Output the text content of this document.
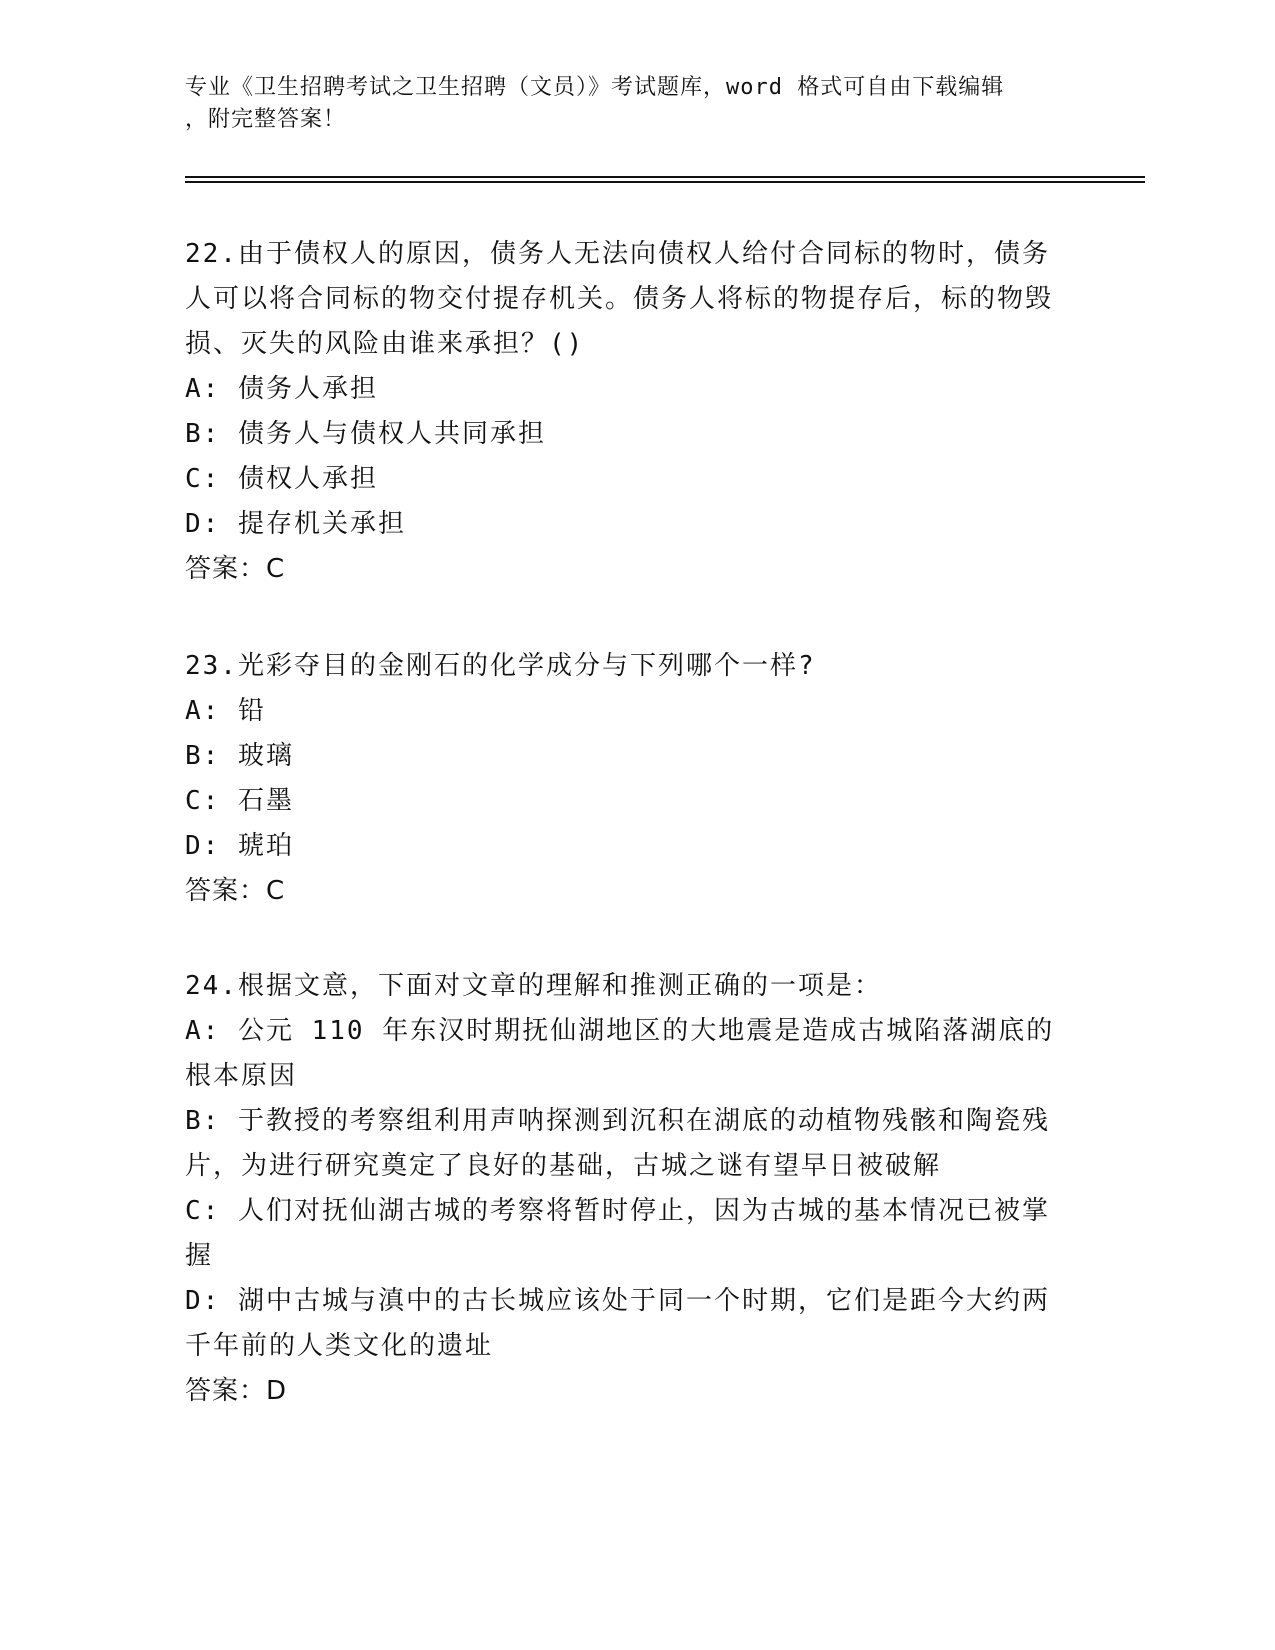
专业《卫生招聘考试之卫生招聘（文员）》考试题库，word 格式可自由下载编辑
，附完整答案！

22.由于债权人的原因，债务人无法向债权人给付合同标的物时，债务人可以将合同标的物交付提存机关。债务人将标的物提存后，标的物毁损、灭失的风险由谁来承担？()

A: 债务人承担

B: 债务人与债权人共同承担

C: 债权人承担

D: 提存机关承担

答案：C

23.光彩夺目的金刚石的化学成分与下列哪个一样?

A: 铅

B: 玻璃

C: 石墨

D: 琥珀

答案：C

24.根据文意，下面对文章的理解和推测正确的一项是：

A: 公元 110 年东汉时期抚仙湖地区的大地震是造成古城陷落湖底的根本原因

B: 于教授的考察组利用声呐探测到沉积在湖底的动植物残骸和陶瓷残片，为进行研究奠定了良好的基础，古城之谜有望早日被破解

C: 人们对抚仙湖古城的考察将暂时停止，因为古城的基本情况已被掌握

D: 湖中古城与滇中的古长城应该处于同一个时期，它们是距今大约两千年前的人类文化的遗址

答案：D
